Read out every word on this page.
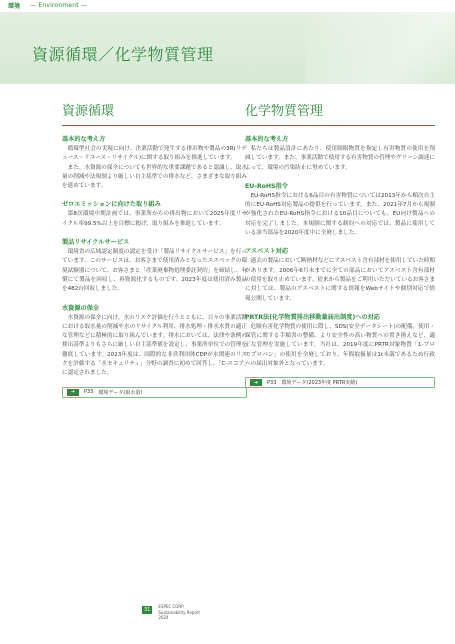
環境 — Environment —
資源循環／化学物質管理
資源循環
基本的な考え方

循環型社会の実現に向け、企業活動で発生する排出物や製品の3R(リデュース・リユース・リサイクル)に関する取り組みを推進しています。

また、水資源の保全についても世界的な重要課題であると認識し、取水量の削減や法規制より厳しい自主基準での排水など、さまざまな取り組みを進めています。

ゼロエミッションに向けた取り組み

第8次環境中期計画では、事業所からの排出物において2025年度リサイクル率99.5%以上を目標に掲げ、取り組みを推進しています。

製品リサイクルサービス

環境省の広域認定制度の認定を受け「製品リサイクルサービス」を行っています。このサービスは、お客さまで使用済みとなったエスペックの環境試験器について、お客さまと「産業廃棄物処理委託契約」を締結し、有償にて製品を回収し、再資源化するものです。2023年度は使用済み製品を482台回収しました。

水資源の保全

水資源の保全に向け、水のリスク評価を行うとともに、日々の事業活動における取水量の削減や水のリサイクル利用、排水処理・排水水質の適正な管理などに積極的に取り組んでいます。排水においては、法律や条例の排出基準よりもさらに厳しい自主基準値を設定し、事業所単位での管理を徹底しています。2023年度は、国際的な非営利団体CDPが水関連のリスクを評価する「水セキュリティ」分野の調査に初めて回答し、「C-スコア」に認定されました。

➜	P33 環境データ(取水量)
化学物質管理
基本的な考え方

私たちは製品設計にあたり、使用制限物質を指定し有害物質の使用を削減しています。また、事業活動で使用する有害物質の管理やグリーン調達によって、環境の汚染防止に努めています。

EU-RoHS指令

EU-RoHS指令における6品目の有害物質については2013年から順次自主的にEU-RoHS対応製品の提供を行っています。また、2021年7月から規制が強化されたEU-RoHS指令における10品目についても、EU向け製品への対応を完了しました。本規制に関する制約への対応では、製品に使用している該当部品を2020年度中に全廃しました。

アスベスト対応

過去の製品において断熱材などにアスベスト含有部材を使用していた時期があります。2006年6月末までに全ての部品においてアスベスト含有部材の使用を取り止めています。従来から製品をご利用いただいているお客さまに対しては、製品のアスベストに関する情報をWebサイトや個別対応で情報公開しています。

PRTR法(化学物質排出移動量届出制度)への対応

危険有害化学物質の使用に際し、SDS(安全データシート)の配備、使用・保管に関する手順書の整備、より安全性の高い物質への置き換えなど、適正な管理を実施しています。当社は、2019年度にPRTR対象物質「1-ブロモプロパン」の使用を全廃しており、年間取扱量は1t未満であるため行政への届出対象外となっています。

➜	P33 環境データ(2023年度 PRTR実績)
31
ESPEC CORP.
Sustainability Report
2024
